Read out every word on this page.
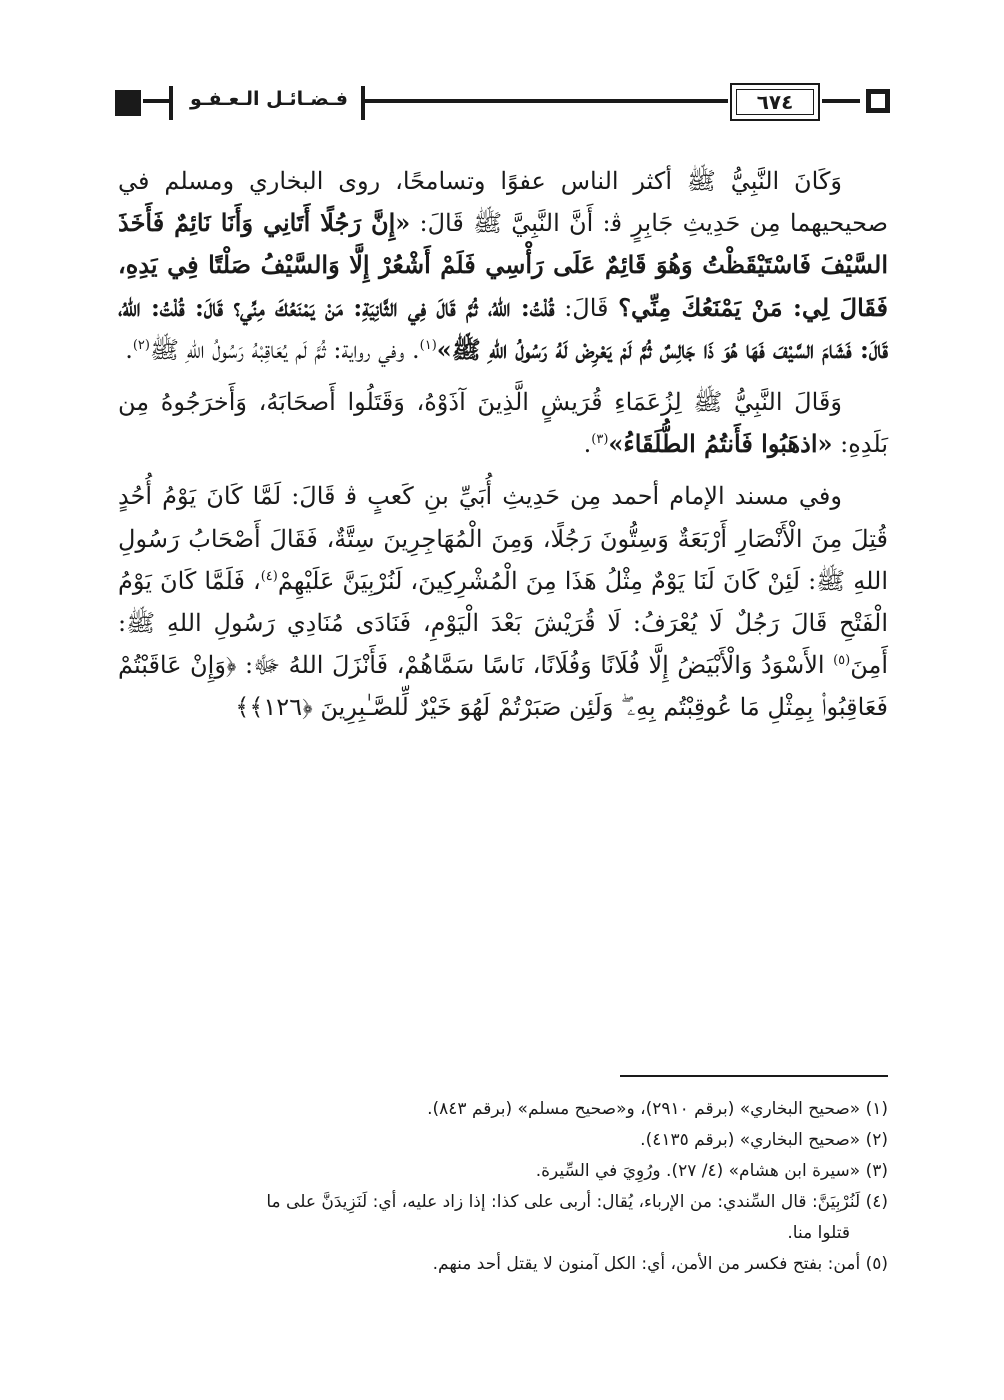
فـضـائـل الـعـفـو	٦٧٤

وَكَانَ النَّبِيُّ ﷺ أكثر الناس عفوًا وتسامحًا، روى البخاري ومسلم في صحيحيهما مِن حَدِيثِ جَابِرٍ ﭬ: أَنَّ النَّبِيَّ ﷺ قَالَ: «إِنَّ رَجُلًا أَتَانِي وَأَنَا نَائِمٌ فَأَخَذَ السَّيْفَ فَاسْتَيْقَظْتُ وَهُوَ قَائِمٌ عَلَى رَأْسِي فَلَمْ أَشْعُرْ إِلَّا وَالسَّيْفُ صَلْتًا فِي يَدِهِ، فَقَالَ لِي: مَنْ يَمْنَعُكَ مِنِّي؟ قَالَ: قُلْتُ: اللهُ، ثُمَّ قَالَ فِي الثَّانِيَةِ: مَنْ يَمْنَعُكَ مِنِّي؟ قَالَ: قُلْتُ: اللهُ، قَالَ: فَشَامَ السَّيْفَ فَهَا هُوَ ذَا جَالِسٌ ثُمَّ لَمْ يَعْرِضْ لَهُ رَسُولُ اللهِ ﷺ»$^{(١)}$. وفي رواية: ثُمَّ لَم يُعَاقِبْهُ رَسُولُ اللهِ ﷺ$^{(٢)}$.

وَقَالَ النَّبِيُّ ﷺ لِزُعَمَاءِ قُرَيشٍ الَّذِينَ آذَوْهُ، وَقَتَلُوا أَصحَابَهُ، وَأَخرَجُوهُ مِن بَلَدِهِ: «اذهَبُوا فَأَنتُمُ الطُّلَقَاءُ»$^{(٣)}$.

وفي مسند الإمام أحمد مِن حَدِيثِ أُبَيِّ بنِ كَعبٍ ﭬ قَالَ: لَمَّا كَانَ يَوْمُ أُحُدٍ قُتِلَ مِنَ الْأَنْصَارِ أَرْبَعَةٌ وَسِتُّونَ رَجُلًا، وَمِنَ الْمُهَاجِرِينَ سِتَّةٌ، فَقَالَ أَصْحَابُ رَسُولِ اللهِ ﷺ: لَئِنْ كَانَ لَنَا يَوْمٌ مِثْلُ هَذَا مِنَ الْمُشْرِكِينَ، لَنُرْبِيَنَّ عَلَيْهِمْ$^{(٤)}$، فَلَمَّا كَانَ يَوْمُ الْفَتْحِ قَالَ رَجُلٌ لَا يُعْرَفُ: لَا قُرَيْشَ بَعْدَ الْيَوْمِ، فَنَادَى مُنَادِي رَسُولِ اللهِ ﷺ: أَمِنَ$^{(٥)}$ الأَسْوَدُ وَالْأَبْيَضُ إِلَّا فُلَانًا وَفُلَانًا، نَاسًا سَمَّاهُمْ، فَأَنْزَلَ اللهُ ﷻ: ﴿وَإِنْ عَاقَبْتُمْ فَعَاقِبُوا۟ بِمِثْلِ مَا عُوقِبْتُم بِهِۦ ۖ وَلَئِن صَبَرْتُمْ لَهُوَ خَيْرٌ لِّلصَّـٰبِرِينَ ﴿١٢٦﴾﴾

(١) «صحيح البخاري» (برقم ٢٩١٠)، و«صحيح مسلم» (برقم ٨٤٣).

(٢) «صحيح البخاري» (برقم ٤١٣٥).

(٣) «سيرة ابن هشام» (٤/ ٢٧). ورُوِيَ في السِّيرة.

(٤) لَنُرْبِيَنَّ: قال السِّندي: من الإرباء، يُقال: أربى على كذا: إذا زاد عليه، أي: لَنَزِيدَنَّ على ما
قتلوا منا.

(٥) أمن: بفتح فكسر من الأمن، أي: الكل آمنون لا يقتل أحد منهم.
